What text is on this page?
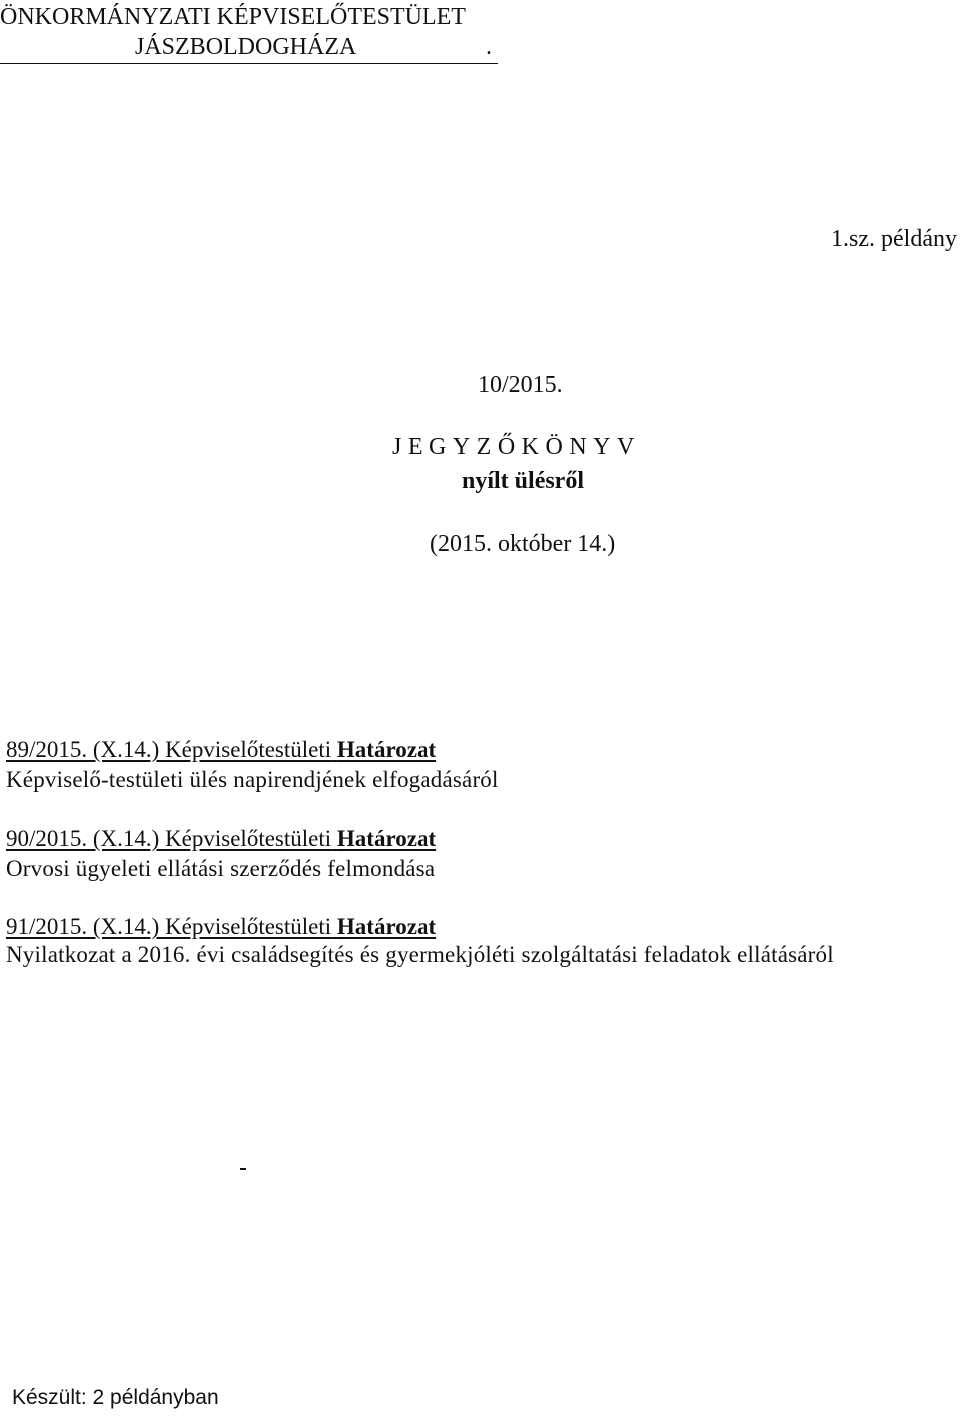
ÖNKORMÁNYZATI KÉPVISELŐTESTÜLET
JÁSZBOLDOGHÁZA	.
1.sz. példány
10/2015.
JEGYZŐKÖNYV
nyílt ülésről
(2015. október 14.)
89/2015. (X.14.) Képviselőtestületi Határozat
Képviselő-testületi ülés napirendjének elfogadásáról
90/2015. (X.14.) Képviselőtestületi Határozat
Orvosi ügyeleti ellátási szerződés felmondása
91/2015. (X.14.) Képviselőtestületi Határozat
Nyilatkozat a 2016. évi családsegítés és gyermekjóléti szolgáltatási feladatok ellátásáról
Készült: 2 példányban
